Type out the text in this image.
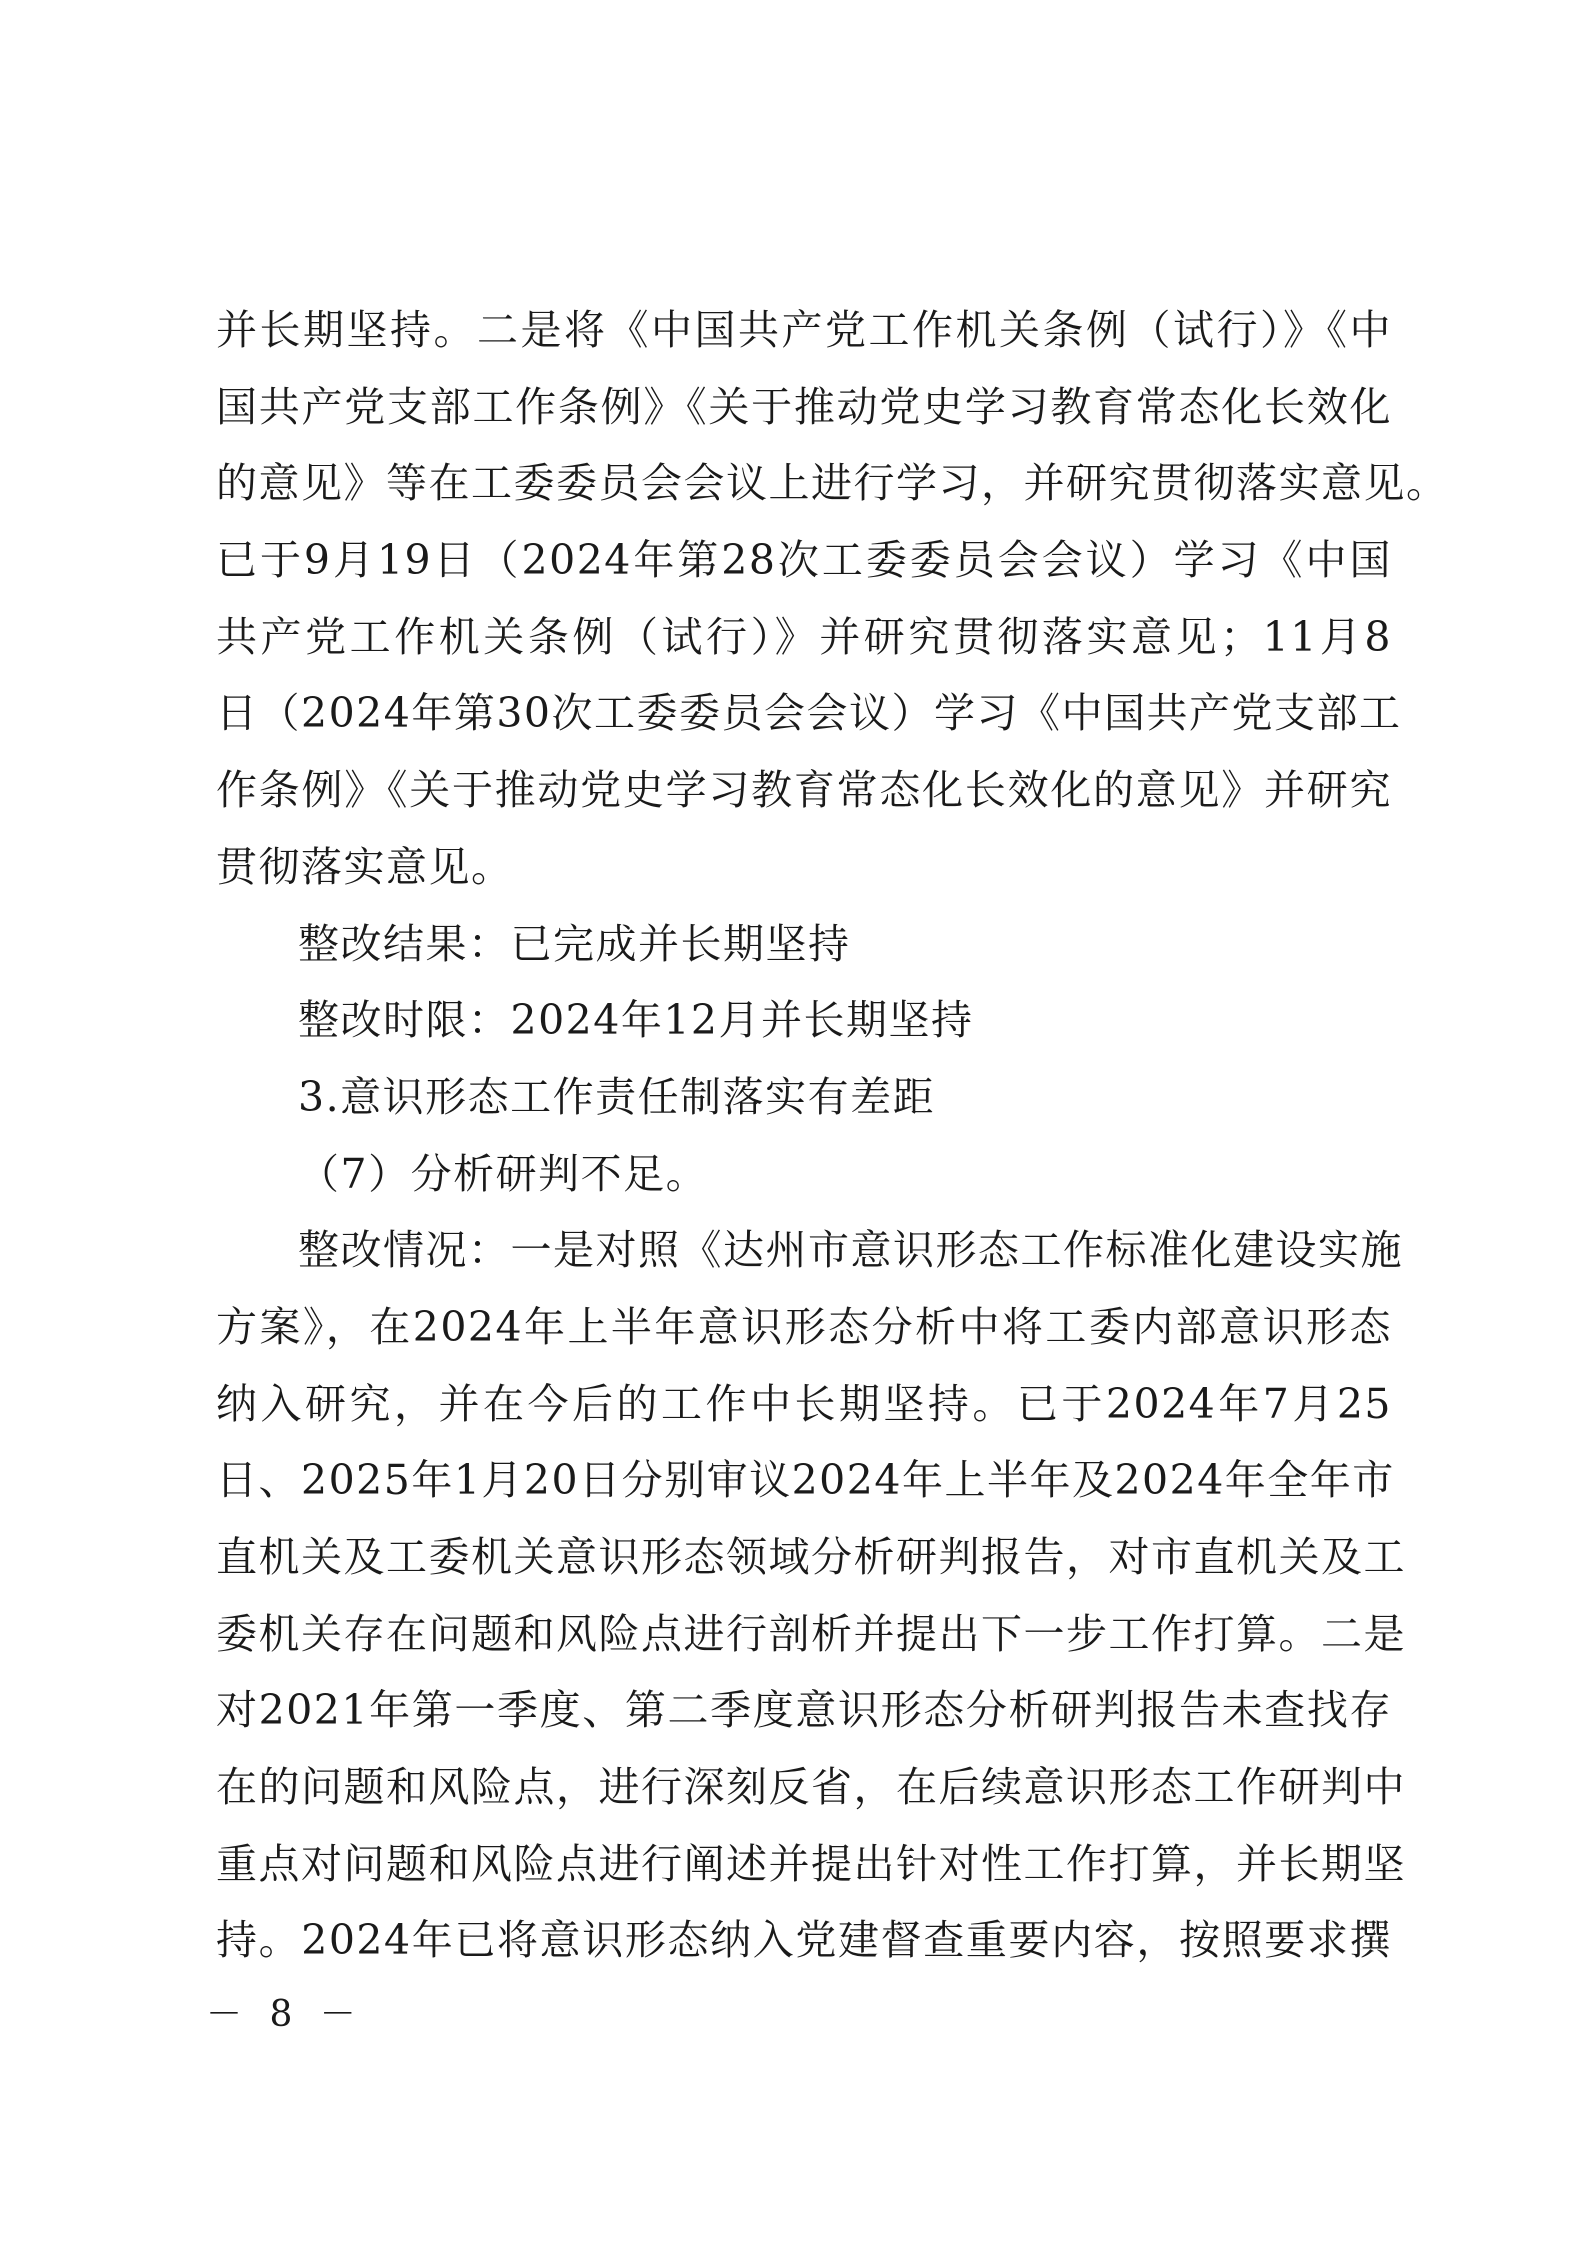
并长期坚持。二是将《中国共产党工作机关条例（试行）》《中
国共产党支部工作条例》《关于推动党史学习教育常态化长效化
的意见》等在工委委员会会议上进行学习，并研究贯彻落实意见。
已于9月19日（2024年第28次工委委员会会议）学习《中国
共产党工作机关条例（试行）》并研究贯彻落实意见；11月8
日（2024年第30次工委委员会会议）学习《中国共产党支部工
作条例》《关于推动党史学习教育常态化长效化的意见》并研究
贯彻落实意见。
整改结果：已完成并长期坚持
整改时限：2024年12月并长期坚持
3.意识形态工作责任制落实有差距
（7）分析研判不足。
整改情况：一是对照《达州市意识形态工作标准化建设实施
方案》，在2024年上半年意识形态分析中将工委内部意识形态
纳入研究，并在今后的工作中长期坚持。已于2024年7月25
日、2025年1月20日分别审议2024年上半年及2024年全年市
直机关及工委机关意识形态领域分析研判报告，对市直机关及工
委机关存在问题和风险点进行剖析并提出下一步工作打算。二是
对2021年第一季度、第二季度意识形态分析研判报告未查找存
在的问题和风险点，进行深刻反省，在后续意识形态工作研判中
重点对问题和风险点进行阐述并提出针对性工作打算，并长期坚
持。2024年已将意识形态纳入党建督查重要内容，按照要求撰
－ 8 －
